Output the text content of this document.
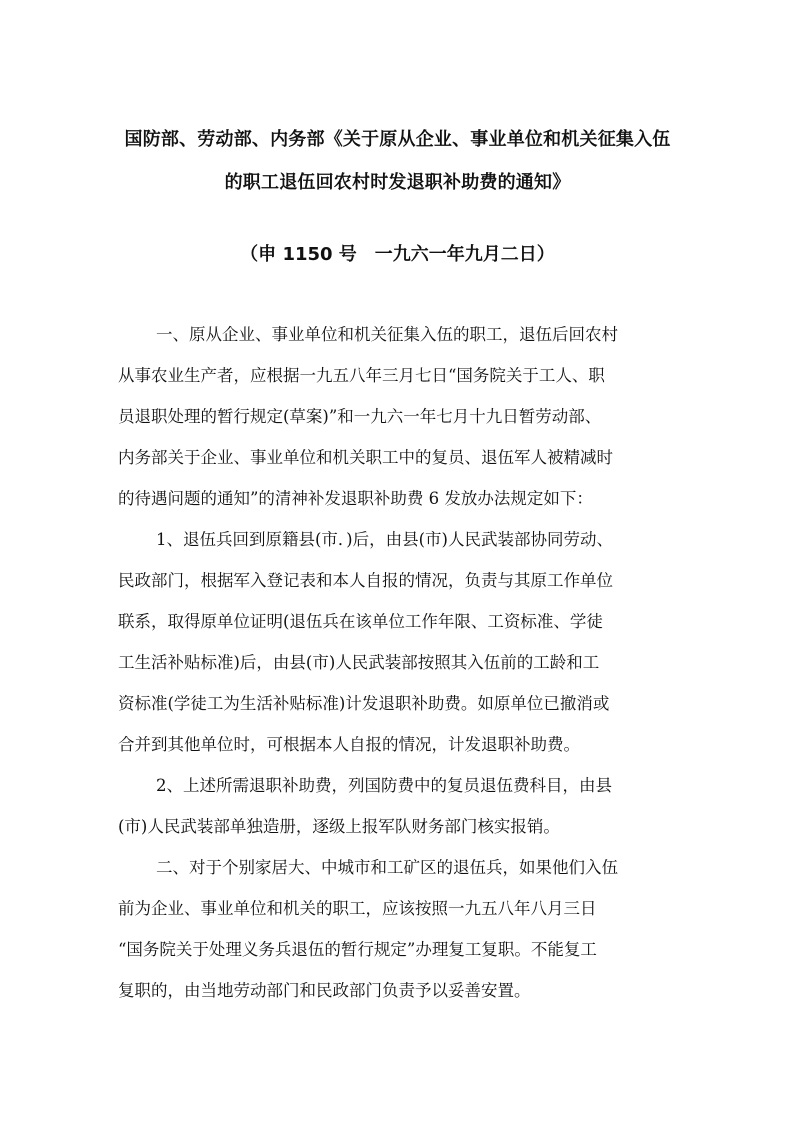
国防部、劳动部、内务部《关于原从企业、事业单位和机关征集入伍
的职工退伍回农村时发退职补助费的通知》
（申 1150 号　一九六一年九月二日）
一、原从企业、事业单位和机关征集入伍的职工，退伍后回农村
从事农业生产者，应根据一九五八年三月七日“国务院关于工人、职
员退职处理的暂行规定(草案)”和一九六一年七月十九日暂劳动部、
内务部关于企业、事业单位和机关职工中的复员、退伍军人被精减时
的待遇问题的通知”的清神补发退职补助费 6 发放办法规定如下：
1、退伍兵回到原籍县(市．)后，由县(市)人民武装部协同劳动、
民政部门，根据军入登记表和本人自报的情况，负责与其原工作单位
联系，取得原单位证明(退伍兵在该单位工作年限、工资标准、学徒
工生活补贴标准)后，由县(市)人民武装部按照其入伍前的工龄和工
资标准(学徒工为生活补贴标准)计发退职补助费。如原单位已撤消或
合并到其他单位时，可根据本人自报的情况，计发退职补助费。
2、上述所需退职补助费，列国防费中的复员退伍费科目，由县
(市)人民武装部单独造册，逐级上报军队财务部门核实报销。
二、对于个别家居大、中城市和工矿区的退伍兵，如果他们入伍
前为企业、事业单位和机关的职工，应该按照一九五八年八月三日
“国务院关于处理义务兵退伍的暂行规定”办理复工复职。不能复工
复职的，由当地劳动部门和民政部门负责予以妥善安置。
